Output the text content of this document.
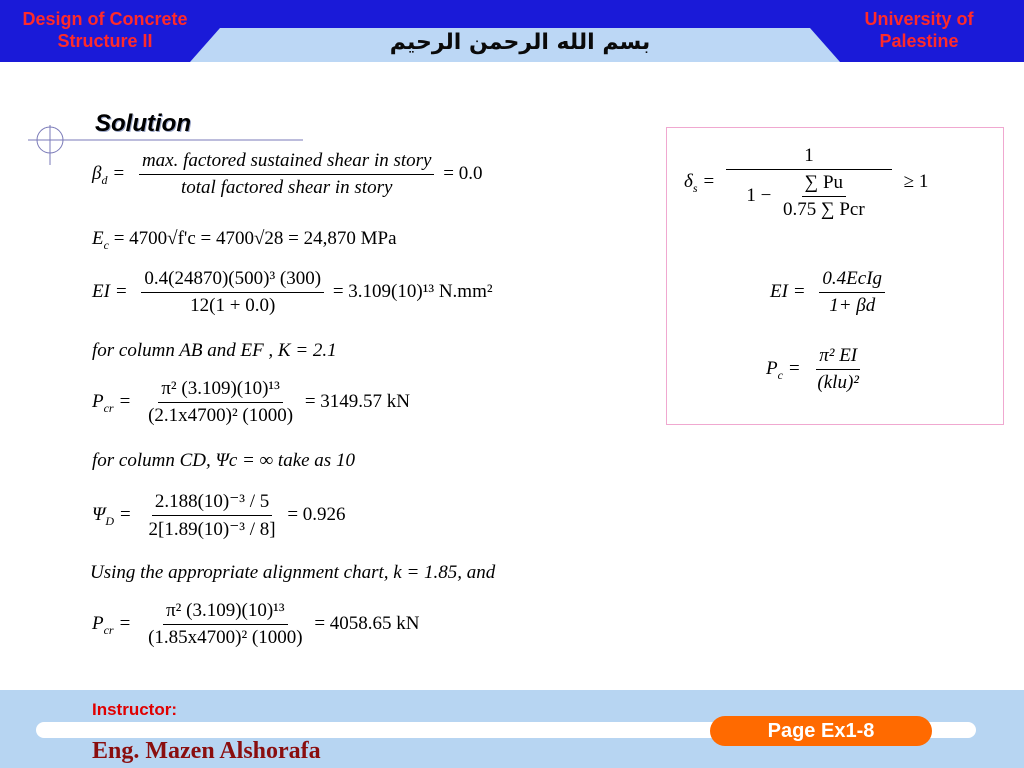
Design of Concrete
Structure II
University of
Palestine
بسم الله الرحمن الرحيم
Solution
$\beta_d = \frac{\text{max. factored sustained shear in story}}{\text{total factored shear in story}} = 0.0$
$E_c = 4700√f'c = 4700√28 = 24,870$ MPa
EI = $\frac{\text{0.4(24870)(500)³ (300)}}{12(1 + 0.0)} = 3.109(10)^{13}$ N.mm²
for column AB and EF , K = 2.1
$P_{cr} = \frac{\text{π² (3.109)(10)¹³}}{\text{(2.1x4700)² (1000)}} = 3149.57$ kN
for column CD, Ψc = ∞ take as 10
$\Psi_D = \frac{\text{2.188(10)⁻³ / 5}}{\text{2[1.89(10)⁻³ / 8]}} = 0.926$
Using the appropriate alignment chart, k = 1.85, and
$P_{cr} = \frac{\text{π² (3.109)(10)¹³}}{\text{(1.85x4700)² (1000)}} = 4058.65$ kN
$\delta_s = \frac{1}{1 - \frac{\sum Pu}{\text{0.75 ∑ Pcr}}} \ge 1$
EI = $\frac{\text{0.4EcIg}}{1+ \beta d}$
$P_c = \frac{\text{π² EI}}{\text{(klu)²}}$
Instructor:
Eng. Mazen Alshorafa
Page Ex1-8
